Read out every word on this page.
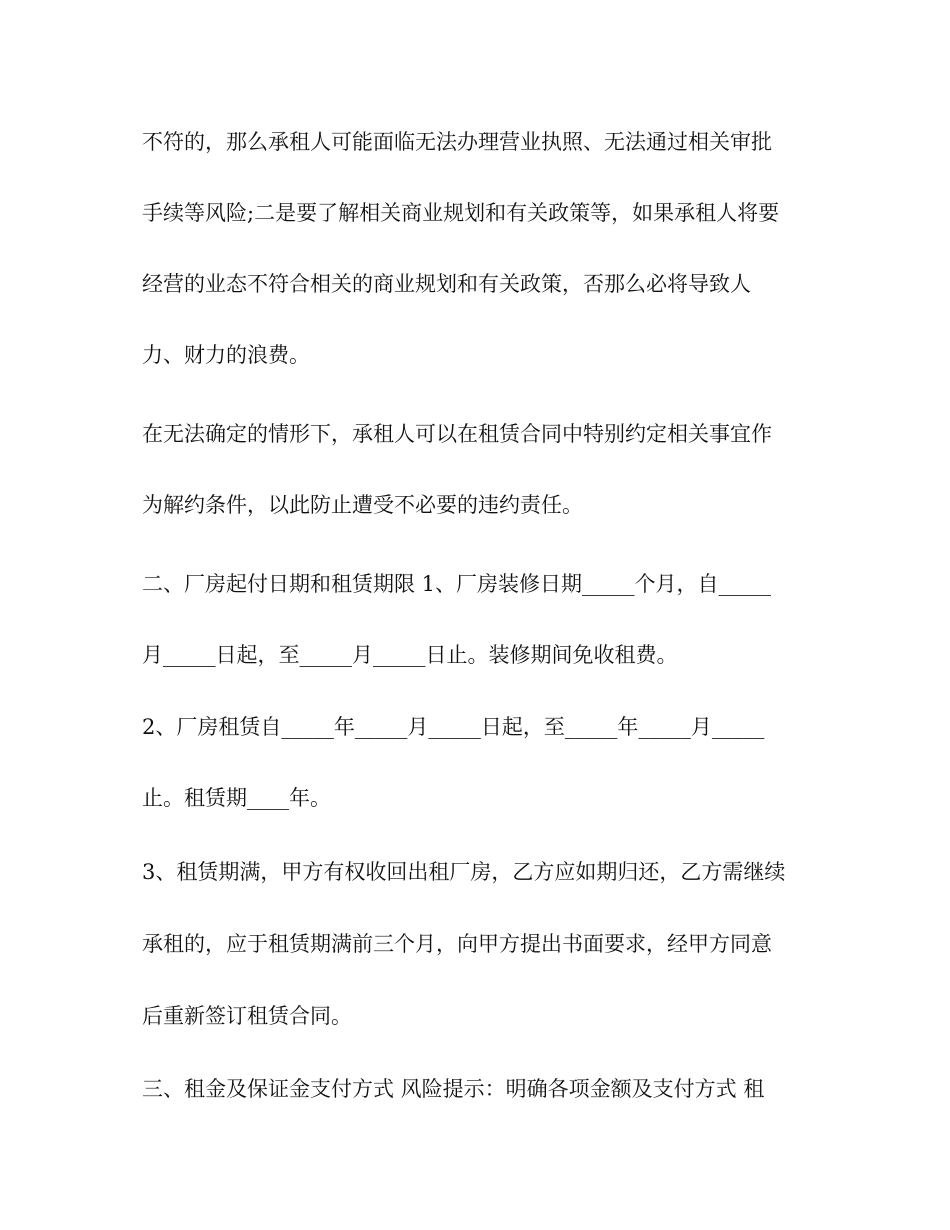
不符的，那么承租人可能面临无法办理营业执照、无法通过相关审批
手续等风险;二是要了解相关商业规划和有关政策等，如果承租人将要
经营的业态不符合相关的商业规划和有关政策，否那么必将导致人
力、财力的浪费。
在无法确定的情形下，承租人可以在租赁合同中特别约定相关事宜作
为解约条件，以此防止遭受不必要的违约责任。
二、厂房起付日期和租赁期限 1、厂房装修日期_____个月，自_____
月_____日起，至_____月_____日止。装修期间免收租费。
2、厂房租赁自_____年_____月_____日起，至_____年_____月_____
止。租赁期____年。
3、租赁期满，甲方有权收回出租厂房，乙方应如期归还，乙方需继续
承租的，应于租赁期满前三个月，向甲方提出书面要求，经甲方同意
后重新签订租赁合同。
三、租金及保证金支付方式 风险提示：明确各项金额及支付方式 租
